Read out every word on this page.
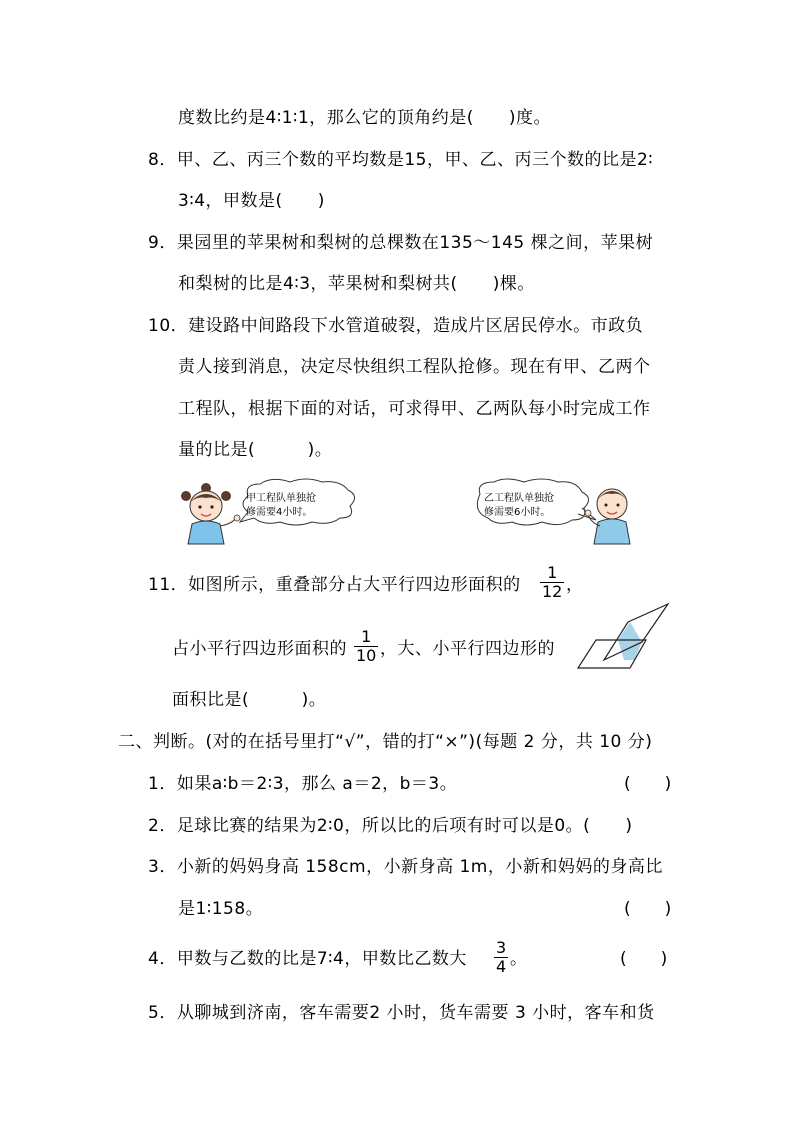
度数比约是4∶1∶1，那么它的顶角约是(　　)度。
8．甲、乙、丙三个数的平均数是15，甲、乙、丙三个数的比是2∶
3∶4，甲数是(　　)
9．果园里的苹果树和梨树的总棵数在135～145 棵之间，苹果树
和梨树的比是4∶3，苹果树和梨树共(　　)棵。
10．建设路中间路段下水管道破裂，造成片区居民停水。市政负
责人接到消息，决定尽快组织工程队抢修。现在有甲、乙两个
工程队，根据下面的对话，可求得甲、乙两队每小时完成工作
量的比是(　　　)。
甲工程队单独抢
修需要4小时。
乙工程队单独抢
修需要6小时。
11．如图所示，重叠部分占大平行四边形面积的 $\frac{1}{12}$ ，
占小平行四边形面积的 $\frac{1}{10}$ ，大、小平行四边形的
面积比是(　　　)。
二、判断。(对的在括号里打“√”，错的打“×”)(每题 2 分，共 10 分)
1．如果a∶b＝2∶3，那么 a＝2，b＝3。	(　　)
2．足球比赛的结果为2∶0，所以比的后项有时可以是0。(　　)
3．小新的妈妈身高 158cm，小新身高 1m，小新和妈妈的身高比
是1∶158。	(　　)
4．甲数与乙数的比是7∶4，甲数比乙数大 $\frac{3}{4}$ 。	(　　)
5．从聊城到济南，客车需要2 小时，货车需要 3 小时，客车和货
